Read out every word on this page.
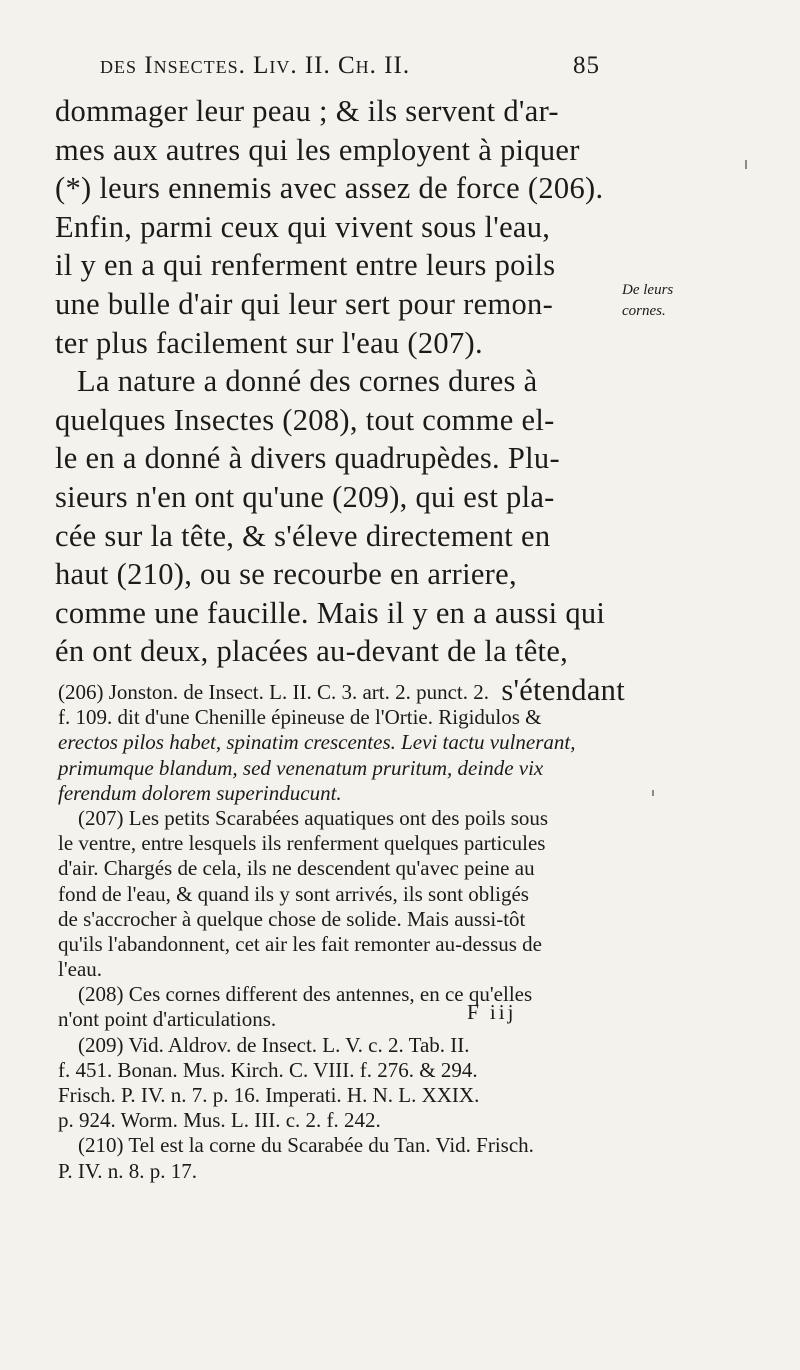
des Insectes. Liv. II. Ch. II.	85
dommager leur peau ; & ils servent d'ar-
mes aux autres qui les employent à piquer
(*) leurs ennemis avec assez de force (206).
Enfin, parmi ceux qui vivent sous l'eau,
il y en a qui renferment entre leurs poils
une bulle d'air qui leur sert pour remon-
ter plus facilement sur l'eau (207).
La nature a donné des cornes dures à
quelques Insectes (208), tout comme el-
le en a donné à divers quadrupèdes. Plu-
sieurs n'en ont qu'une (209), qui est pla-
cée sur la tête, & s'éleve directement en
haut (210), ou se recourbe en arriere,
comme une faucille. Mais il y en a aussi qui
én ont deux, placées au-devant de la tête,
s'étendant
De leurs
cornes.
(206) Jonston. de Insect. L. II. C. 3. art. 2. punct. 2.
f. 109. dit d'une Chenille épineuse de l'Ortie. Rigidulos &
erectos pilos habet, spinatim crescentes. Levi tactu vulnerant,
primumque blandum, sed venenatum pruritum, deinde vix
ferendum dolorem superinducunt.
(207) Les petits Scarabées aquatiques ont des poils sous
le ventre, entre lesquels ils renferment quelques particules
d'air. Chargés de cela, ils ne descendent qu'avec peine au
fond de l'eau, & quand ils y sont arrivés, ils sont obligés
de s'accrocher à quelque chose de solide. Mais aussi-tôt
qu'ils l'abandonnent, cet air les fait remonter au-dessus de
l'eau.
(208) Ces cornes different des antennes, en ce qu'elles
n'ont point d'articulations.
(209) Vid. Aldrov. de Insect. L. V. c. 2. Tab. II.
f. 451. Bonan. Mus. Kirch. C. VIII. f. 276. & 294.
Frisch. P. IV. n. 7. p. 16. Imperati. H. N. L. XXIX.
p. 924. Worm. Mus. L. III. c. 2. f. 242.
(210) Tel est la corne du Scarabée du Tan. Vid. Frisch.
P. IV. n. 8. p. 17.
F iij
